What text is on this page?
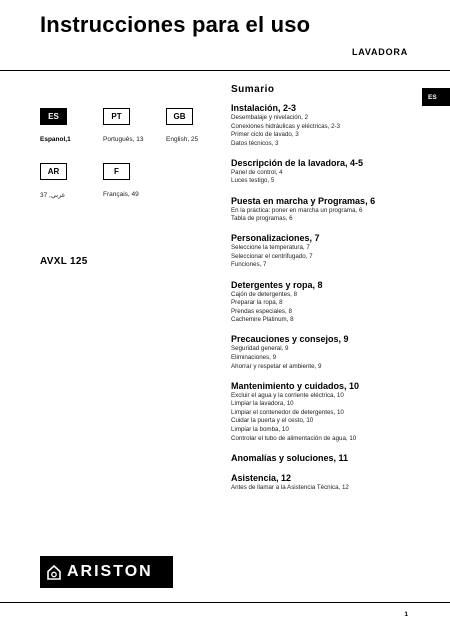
Instrucciones para el uso
LAVADORA
ES
ES
Espanol,1
PT
Português, 13
GB
English, 25
AR
عربي, 37
F
Français, 49
AVXL 125
Sumario
Instalación, 2-3
Desembalaje y nivelación, 2
Conexiones hidráulicas y eléctricas, 2-3
Primer ciclo de lavado, 3
Datos técnicos, 3
Descripción de la lavadora, 4-5
Panel de control, 4
Luces testigo, 5
Puesta en marcha y Programas, 6
En la práctica: poner en marcha un programa, 6
Tabla de programas, 6
Personalizaciones, 7
Seleccione la temperatura, 7
Seleccionar el centrifugado, 7
Funciones, 7
Detergentes y ropa, 8
Cajón de detergentes, 8
Preparar la ropa, 8
Prendas especiales, 8
Cachemire Platinum, 8
Precauciones y consejos, 9
Seguridad general, 9
Eliminaciones, 9
Ahorrar y respetar el ambiente, 9
Mantenimiento y cuidados, 10
Excluir el agua y la corriente eléctrica, 10
Limpiar la lavadora, 10
Limpiar el contenedor de detergentes, 10
Cuidar la puerta y el cesto, 10
Limpiar la bomba, 10
Controlar el tubo de alimentación de agua, 10
Anomalías y soluciones, 11
Asistencia, 12
Antes de llamar a la Asistencia Técnica, 12
ARISTON
1
